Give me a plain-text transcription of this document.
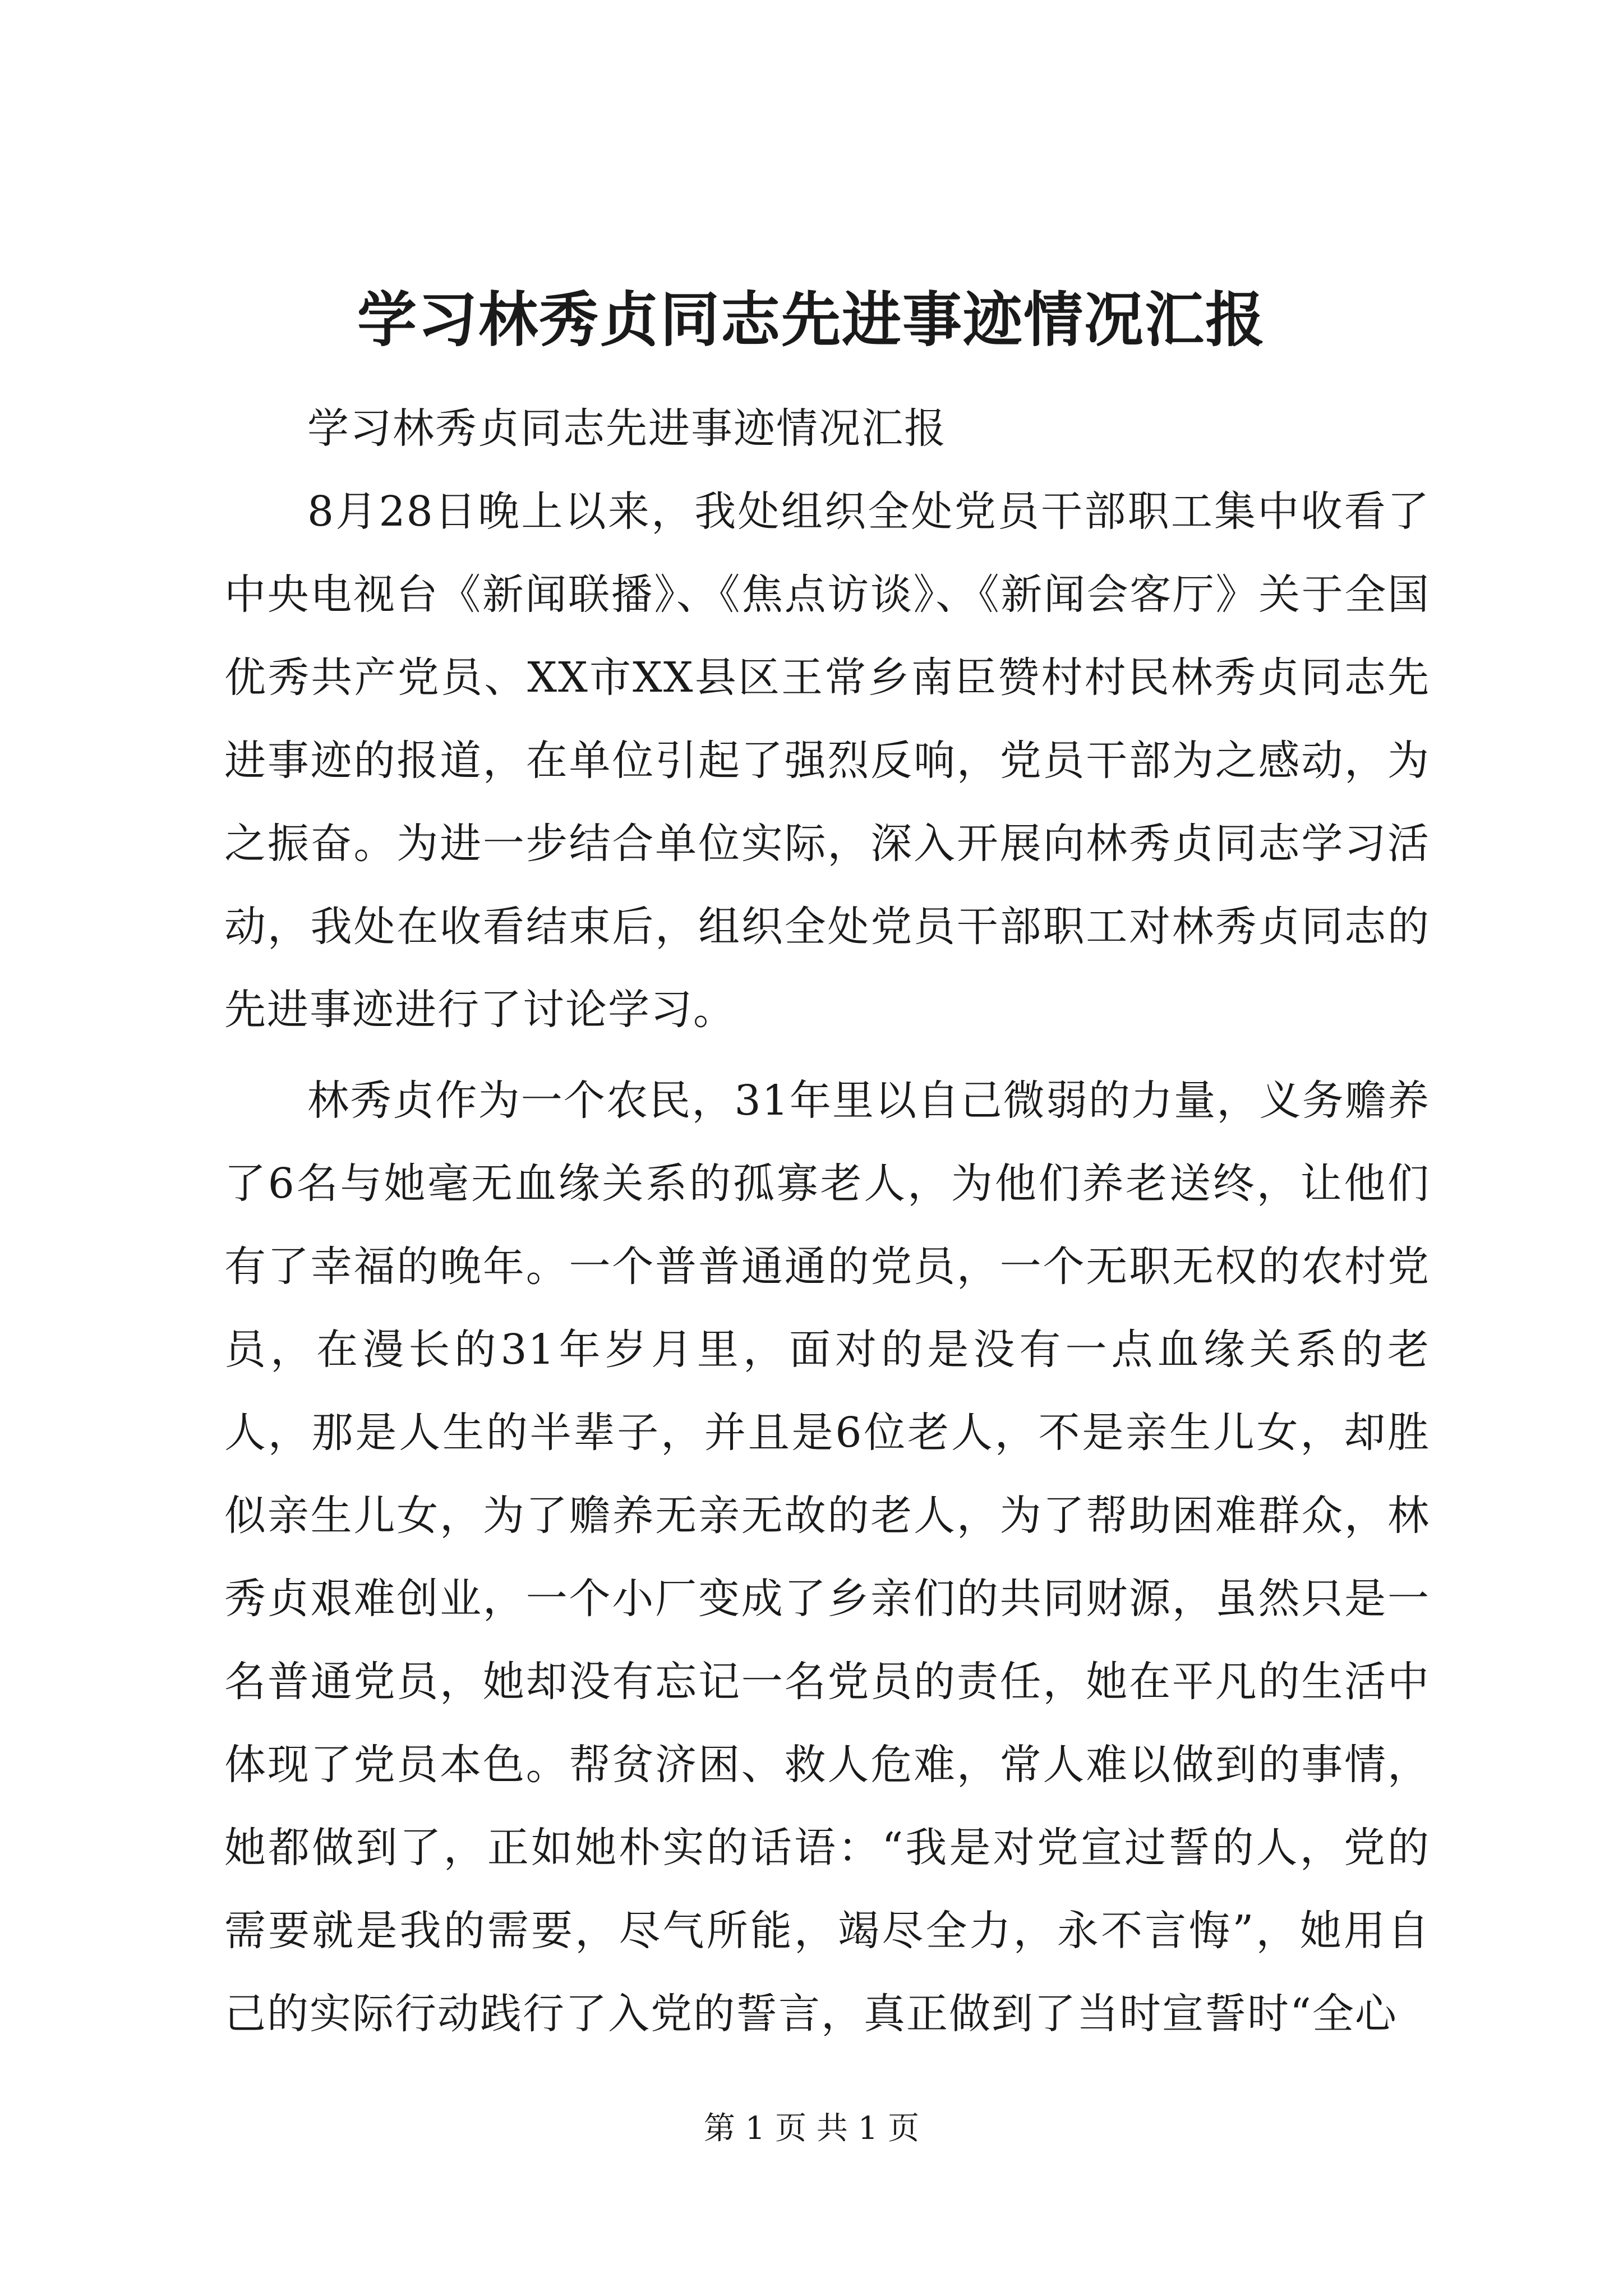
学习林秀贞同志先进事迹情况汇报

学习林秀贞同志先进事迹情况汇报

8月28日晚上以来，我处组织全处党员干部职工集中收看了中央电视台《新闻联播》、《焦点访谈》、《新闻会客厅》关于全国优秀共产党员、XX市XX县区王常乡南臣赞村村民林秀贞同志先进事迹的报道，在单位引起了强烈反响，党员干部为之感动，为之振奋。为进一步结合单位实际，深入开展向林秀贞同志学习活动，我处在收看结束后，组织全处党员干部职工对林秀贞同志的先进事迹进行了讨论学习。

林秀贞作为一个农民，31年里以自己微弱的力量，义务赡养了6名与她毫无血缘关系的孤寡老人，为他们养老送终，让他们有了幸福的晚年。一个普普通通的党员，一个无职无权的农村党员，在漫长的31年岁月里，面对的是没有一点血缘关系的老人，那是人生的半辈子，并且是6位老人，不是亲生儿女，却胜似亲生儿女，为了赡养无亲无故的老人，为了帮助困难群众，林秀贞艰难创业，一个小厂变成了乡亲们的共同财源，虽然只是一名普通党员，她却没有忘记一名党员的责任，她在平凡的生活中体现了党员本色。帮贫济困、救人危难，常人难以做到的事情，她都做到了，正如她朴实的话语：“我是对党宣过誓的人，党的需要就是我的需要，尽气所能，竭尽全力，永不言悔”，她用自己的实际行动践行了入党的誓言，真正做到了当时宣誓时“全心

第 1 页 共 1 页
